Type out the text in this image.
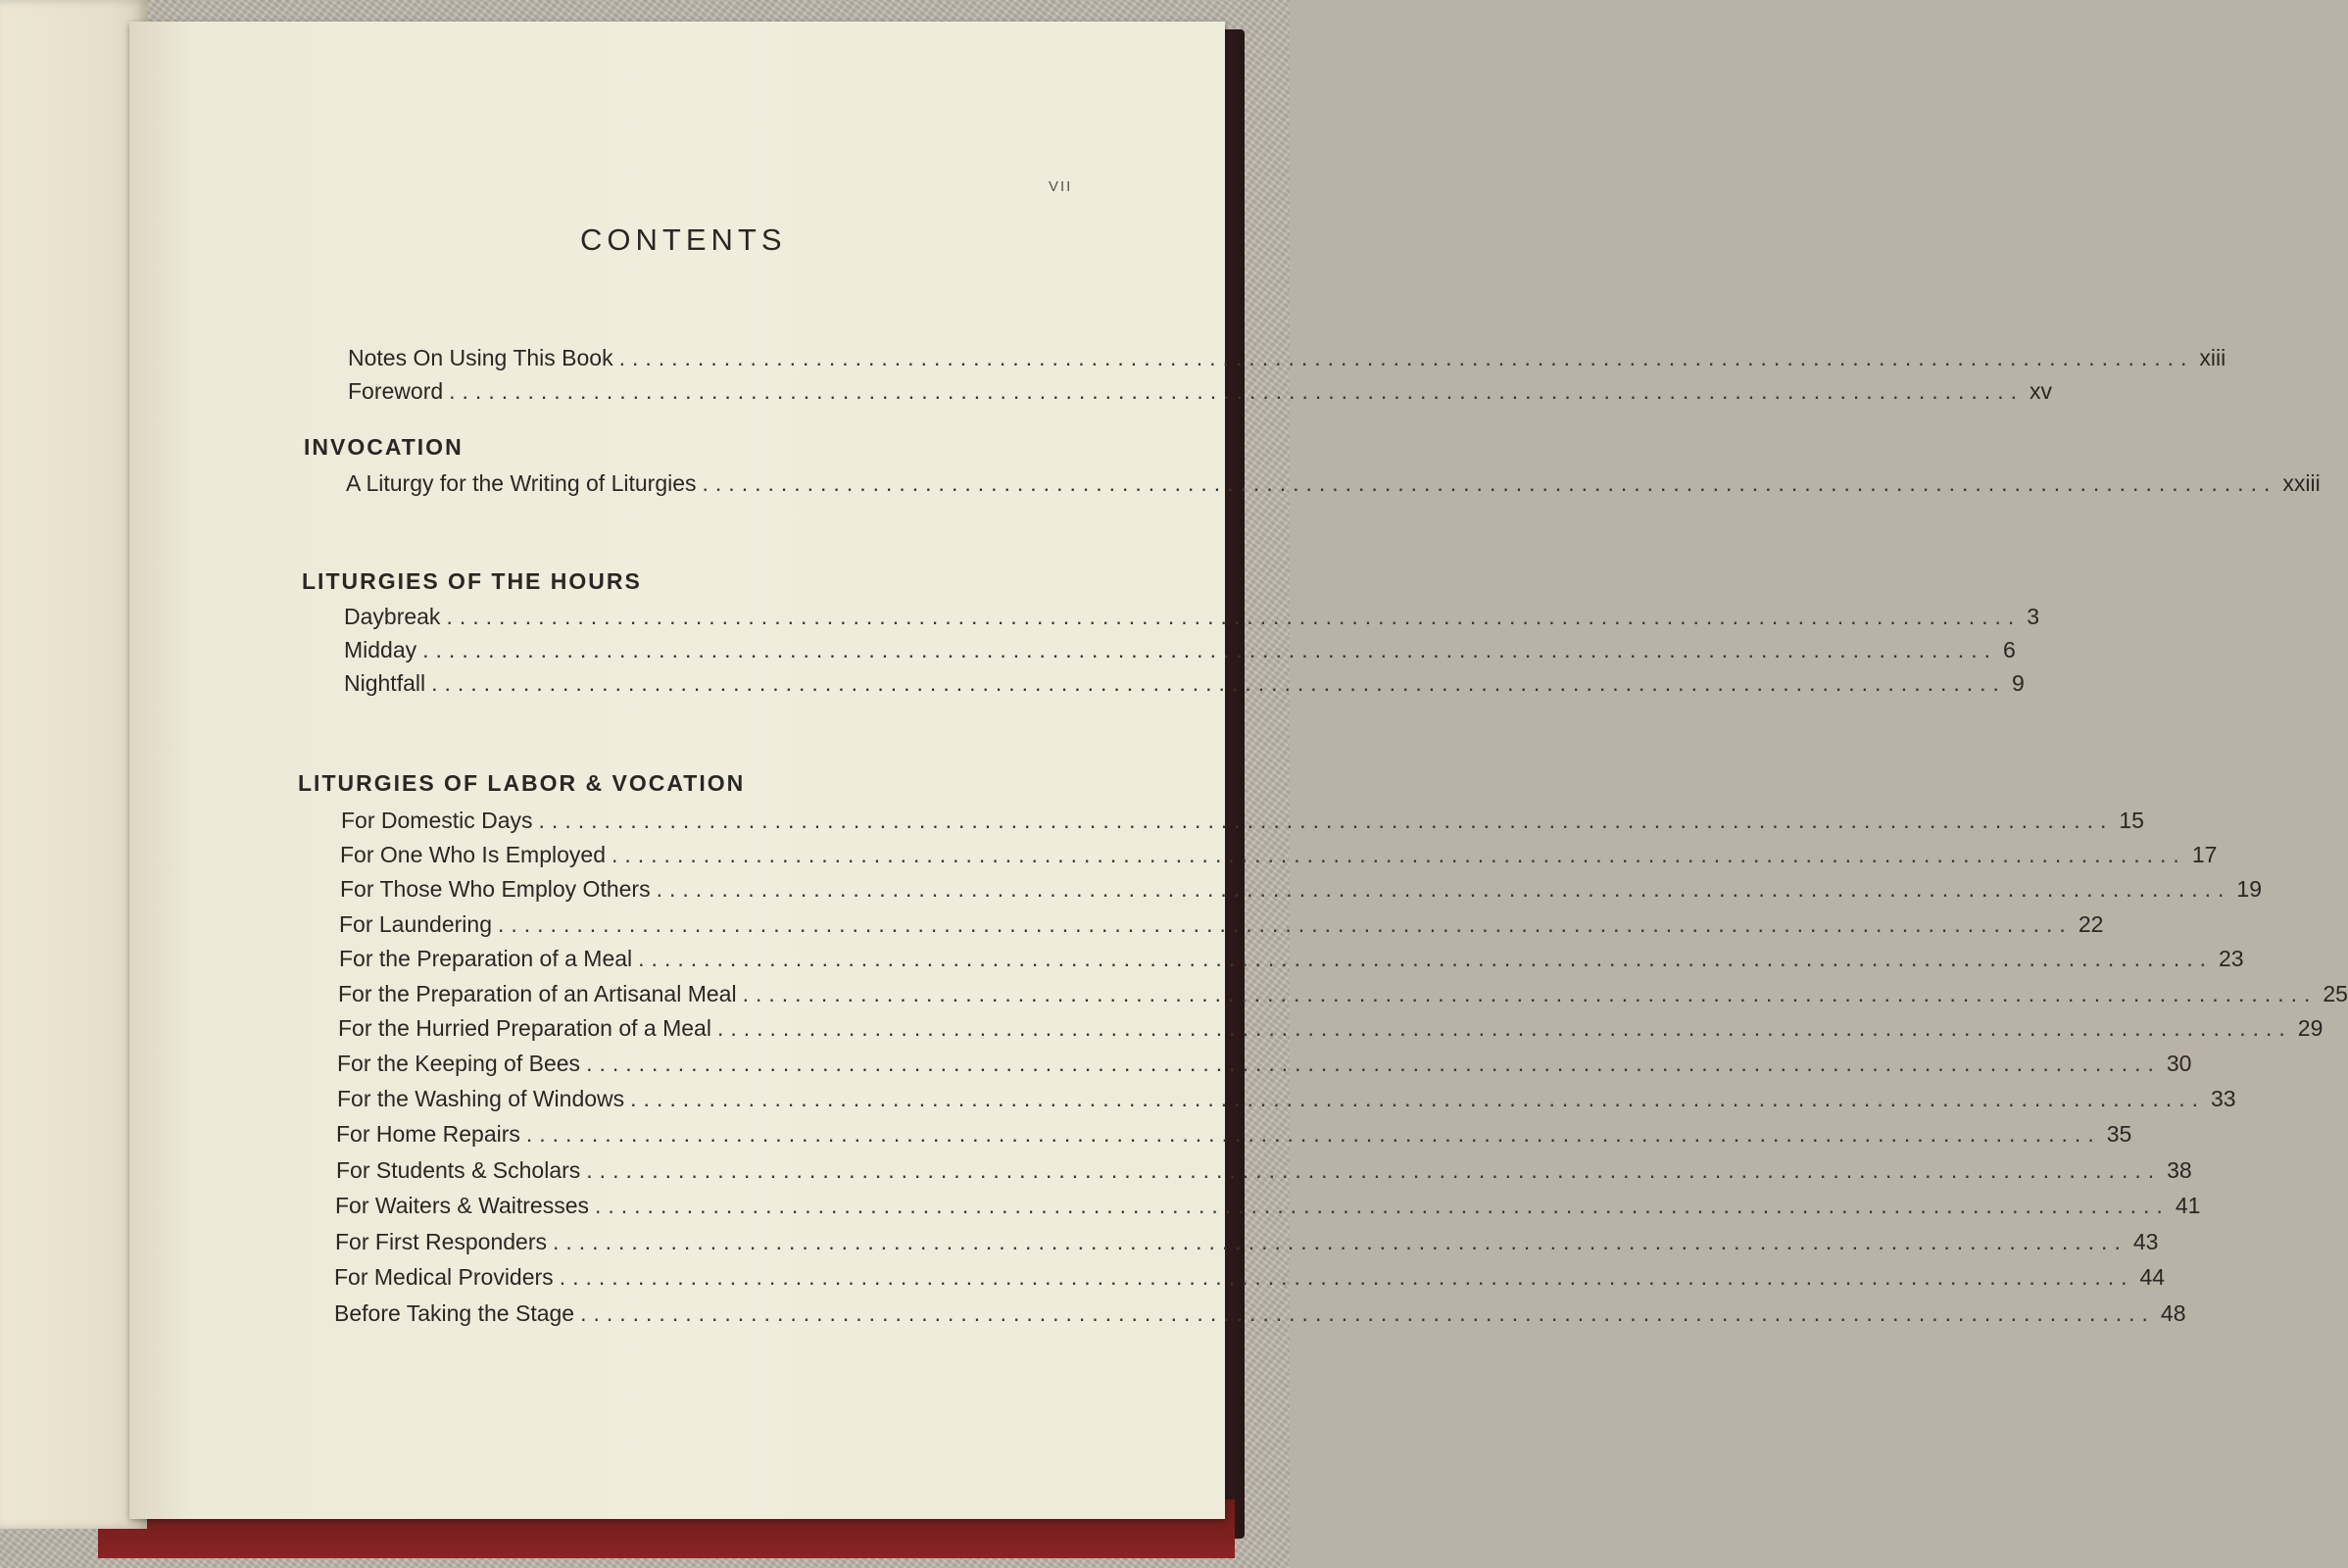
VII
CONTENTS
Notes On Using This Book ........................................................................................................................ xiii
Foreword ........................................................................................................................ xv
INVOCATION
A Liturgy for the Writing of Liturgies ........................................................................................................................ xxiii
LITURGIES OF THE HOURS
Daybreak ........................................................................................................................ 3
Midday ........................................................................................................................ 6
Nightfall ........................................................................................................................ 9
LITURGIES OF LABOR & VOCATION
For Domestic Days ........................................................................................................................ 15
For One Who Is Employed ........................................................................................................................ 17
For Those Who Employ Others ........................................................................................................................ 19
For Laundering ........................................................................................................................ 22
For the Preparation of a Meal ........................................................................................................................ 23
For the Preparation of an Artisanal Meal ........................................................................................................................ 25
For the Hurried Preparation of a Meal ........................................................................................................................ 29
For the Keeping of Bees ........................................................................................................................ 30
For the Washing of Windows ........................................................................................................................ 33
For Home Repairs ........................................................................................................................ 35
For Students & Scholars ........................................................................................................................ 38
For Waiters & Waitresses ........................................................................................................................ 41
For First Responders ........................................................................................................................ 43
For Medical Providers ........................................................................................................................ 44
Before Taking the Stage ........................................................................................................................ 48
